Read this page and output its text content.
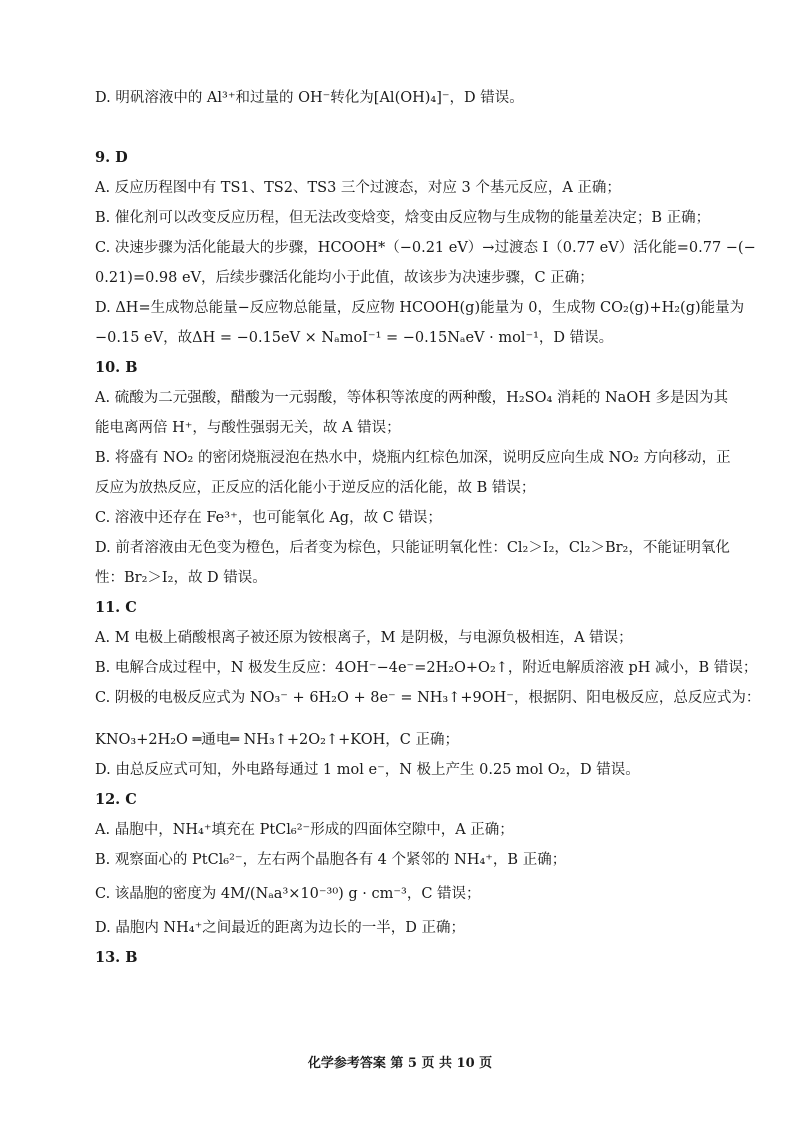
D. 明矾溶液中的 Al³⁺和过量的 OH⁻转化为[Al(OH)₄]⁻，D 错误。

9. D

A. 反应历程图中有 TS1、TS2、TS3 三个过渡态，对应 3 个基元反应，A 正确；

B. 催化剂可以改变反应历程，但无法改变焓变，焓变由反应物与生成物的能量差决定；B 正确；

C. 决速步骤为活化能最大的步骤，HCOOH*（−0.21 eV）→过渡态 I（0.77 eV）活化能=0.77 −(−

0.21)=0.98 eV，后续步骤活化能均小于此值，故该步为决速步骤，C 正确；

D. ΔH=生成物总能量−反应物总能量，反应物 HCOOH(g)能量为 0，生成物 CO₂(g)+H₂(g)能量为

−0.15 eV，故ΔH = −0.15eV × NₐmoI⁻¹ = −0.15NₐeV · mol⁻¹，D 错误。

10. B

A. 硫酸为二元强酸，醋酸为一元弱酸，等体积等浓度的两种酸，H₂SO₄ 消耗的 NaOH 多是因为其

能电离两倍 H⁺，与酸性强弱无关，故 A 错误；

B. 将盛有 NO₂ 的密闭烧瓶浸泡在热水中，烧瓶内红棕色加深，说明反应向生成 NO₂ 方向移动，正

反应为放热反应，正反应的活化能小于逆反应的活化能，故 B 错误；

C. 溶液中还存在 Fe³⁺，也可能氧化 Ag，故 C 错误；

D. 前者溶液由无色变为橙色，后者变为棕色，只能证明氧化性：Cl₂＞I₂，Cl₂＞Br₂，不能证明氧化

性：Br₂＞I₂，故 D 错误。

11. C

A. M 电极上硝酸根离子被还原为铵根离子，M 是阴极，与电源负极相连，A 错误；

B. 电解合成过程中，N 极发生反应：4OH⁻−4e⁻=2H₂O+O₂↑，附近电解质溶液 pH 减小，B 错误；

C. 阴极的电极反应式为 NO₃⁻ + 6H₂O + 8e⁻ = NH₃↑+9OH⁻，根据阴、阳电极反应，总反应式为：

KNO₃+2H₂O ═通电═ NH₃↑+2O₂↑+KOH，C 正确；

D. 由总反应式可知，外电路每通过 1 mol e⁻，N 极上产生 0.25 mol O₂，D 错误。

12. C

A. 晶胞中，NH₄⁺填充在 PtCl₆²⁻形成的四面体空隙中，A 正确；

B. 观察面心的 PtCl₆²⁻，左右两个晶胞各有 4 个紧邻的 NH₄⁺，B 正确；

C. 该晶胞的密度为 4M/(Nₐa³×10⁻³⁰) g · cm⁻³，C 错误；

D. 晶胞内 NH₄⁺之间最近的距离为边长的一半，D 正确；

13. B

化学参考答案 第 5 页 共 10 页
